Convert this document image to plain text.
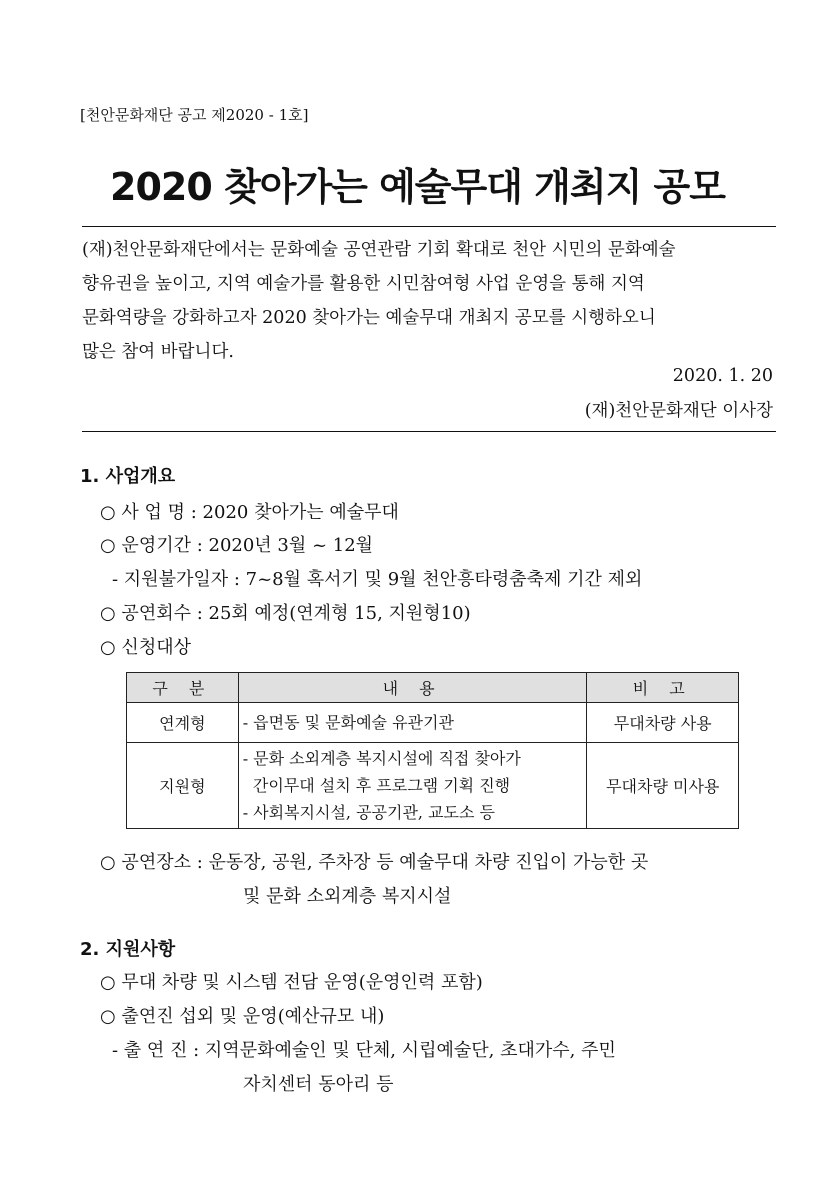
[천안문화재단 공고 제2020 - 1호]
2020 찾아가는 예술무대 개최지 공모
(재)천안문화재단에서는 문화예술 공연관람 기회 확대로 천안 시민의 문화예술
향유권을 높이고, 지역 예술가를 활용한 시민참여형 사업 운영을 통해 지역
문화역량을 강화하고자 2020 찾아가는 예술무대 개최지 공모를 시행하오니
많은 참여 바랍니다.
2020. 1. 20
(재)천안문화재단 이사장
1. 사업개요
○ 사 업 명 : 2020 찾아가는 예술무대
○ 운영기간 : 2020년 3월 ~ 12월
- 지원불가일자 : 7~8월 혹서기 및 9월 천안흥타령춤축제 기간 제외
○ 공연회수 : 25회 예정(연계형 15, 지원형10)
○ 신청대상
구 분	내 용	비 고
연계형	- 읍면동 및 문화예술 유관기관	무대차량 사용
지원형	- 문화 소외계층 복지시설에 직접 찾아가
간이무대 설치 후 프로그램 기획 진행
- 사회복지시설, 공공기관, 교도소 등	무대차량 미사용
○ 공연장소 : 운동장, 공원, 주차장 등 예술무대 차량 진입이 가능한 곳
및 문화 소외계층 복지시설
2. 지원사항
○ 무대 차량 및 시스템 전담 운영(운영인력 포함)
○ 출연진 섭외 및 운영(예산규모 내)
- 출 연 진 : 지역문화예술인 및 단체, 시립예술단, 초대가수, 주민
자치센터 동아리 등
